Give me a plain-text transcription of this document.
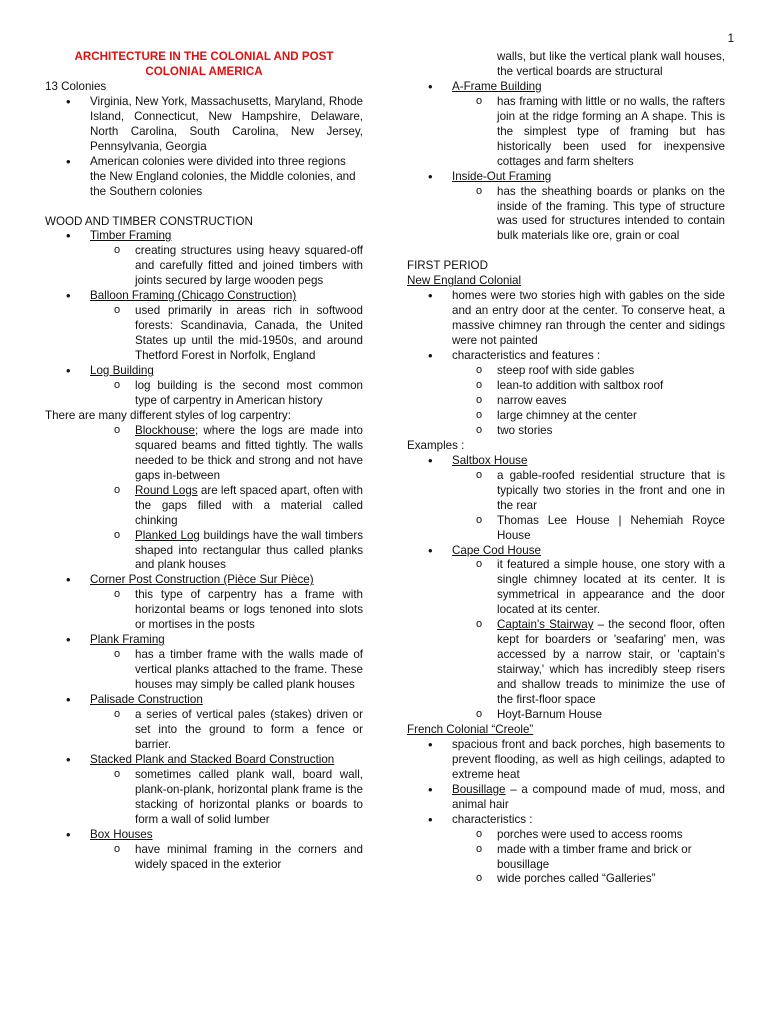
1

ARCHITECTURE IN THE COLONIAL AND POST

COLONIAL AMERICA

13 Colonies

• Virginia, New York, Massachusetts, Maryland, Rhode Island, Connecticut, New Hampshire, Delaware, North Carolina, South Carolina, New Jersey, Pennsylvania, Georgia
• American colonies were divided into three regions the New England colonies, the Middle colonies, and the Southern colonies

WOOD AND TIMBER CONSTRUCTION

• Timber Framing
o creating structures using heavy squared-off and carefully fitted and joined timbers with joints secured by large wooden pegs
• Balloon Framing (Chicago Construction)
o used primarily in areas rich in softwood forests: Scandinavia, Canada, the United States up until the mid-1950s, and around Thetford Forest in Norfolk, England
• Log Building
o log building is the second most common type of carpentry in American history

There are many different styles of log carpentry:

o Blockhouse; where the logs are made into squared beams and fitted tightly. The walls needed to be thick and strong and not have gaps in-between
o Round Logs are left spaced apart, often with the gaps filled with a material called chinking
o Planked Log buildings have the wall timbers shaped into rectangular thus called planks and plank houses
• Corner Post Construction (Pièce Sur Pièce)
o this type of carpentry has a frame with horizontal beams or logs tenoned into slots or mortises in the posts
• Plank Framing
o has a timber frame with the walls made of vertical planks attached to the frame. These houses may simply be called plank houses
• Palisade Construction
o a series of vertical pales (stakes) driven or set into the ground to form a fence or barrier.
• Stacked Plank and Stacked Board Construction
o sometimes called plank wall, board wall, plank-on-plank, horizontal plank frame is the stacking of horizontal planks or boards to form a wall of solid lumber
• Box Houses
o have minimal framing in the corners and widely spaced in the exterior

walls, but like the vertical plank wall houses, the vertical boards are structural

• A-Frame Building
o has framing with little or no walls, the rafters join at the ridge forming an A shape. This is the simplest type of framing but has historically been used for inexpensive cottages and farm shelters
• Inside-Out Framing
o has the sheathing boards or planks on the inside of the framing. This type of structure was used for structures intended to contain bulk materials like ore, grain or coal

FIRST PERIOD

New England Colonial

• homes were two stories high with gables on the side and an entry door at the center. To conserve heat, a massive chimney ran through the center and sidings were not painted
• characteristics and features :
o steep roof with side gables
o lean-to addition with saltbox roof
o narrow eaves
o large chimney at the center
o two stories

Examples :

• Saltbox House
o a gable-roofed residential structure that is typically two stories in the front and one in the rear
o Thomas Lee House | Nehemiah Royce House
• Cape Cod House
o it featured a simple house, one story with a single chimney located at its center. It is symmetrical in appearance and the door located at its center.
o Captain's Stairway – the second floor, often kept for boarders or 'seafaring' men, was accessed by a narrow stair, or 'captain's stairway,' which has incredibly steep risers and shallow treads to minimize the use of the first-floor space
o Hoyt-Barnum House

French Colonial “Creole”

• spacious front and back porches, high basements to prevent flooding, as well as high ceilings, adapted to extreme heat
• Bousillage – a compound made of mud, moss, and animal hair
• characteristics :
o porches were used to access rooms
o made with a timber frame and brick or bousillage
o wide porches called “Galleries”
